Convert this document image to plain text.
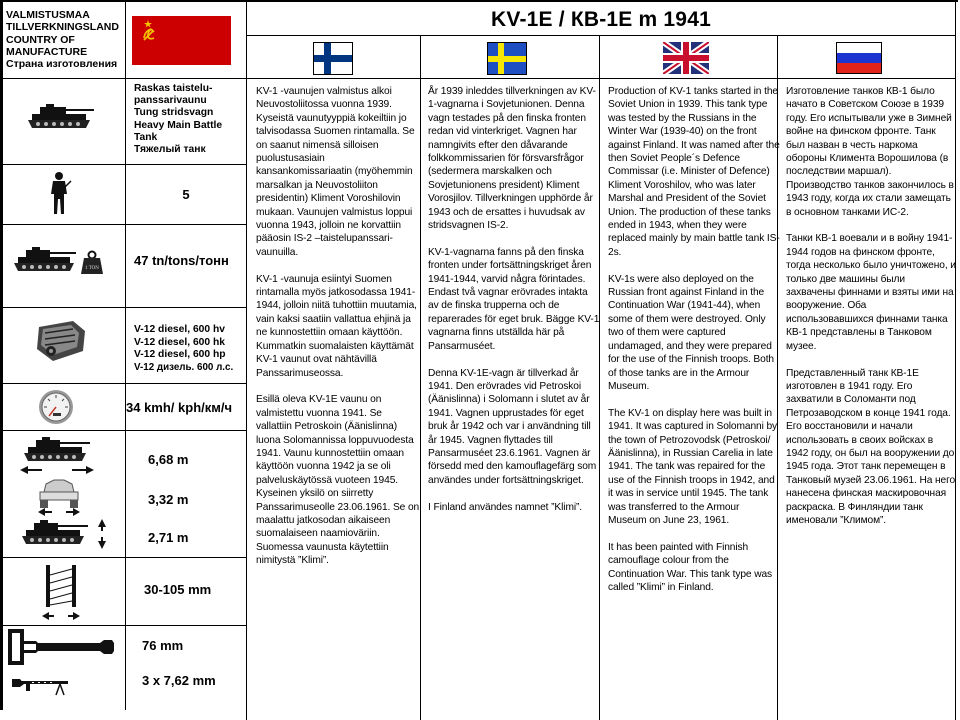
VALMISTUSMAA
TILLVERKNINGSLAND
COUNTRY OF
MANUFACTURE
Страна изготовления
KV-1E / КВ-1E m 1941
Raskas taistelu-
panssarivaunu
Tung stridsvagn
Heavy Main Battle
Tank
Тяжелый танк
5
1 TON
47 tn/tons/тонн
V-12 diesel, 600 hv
V-12 diesel, 600 hk
V-12 diesel, 600 hp
V-12 дизель. 600 л.с.
34 kmh/ kph/км/ч
6,68 m
3,32 m
2,71 m
30-105 mm
76 mm
3 x 7,62 mm

KV-1 -vaunujen valmistus alkoi Neuvostoliitossa vuonna 1939. Kyseistä vaunutyyppiä kokeiltiin jo talvisodassa Suomen rintamalla. Se on saanut nimensä silloisen puolustusasiain kansankomissariaatin (myöhemmin marsalkan ja Neuvostoliiton presidentin) Kliment Voroshilovin mukaan. Vaunujen valmistus loppui vuonna 1943, jolloin ne korvattiin pääosin IS-2 –taistelupanssari-vaunuilla.

KV-1 -vaunuja esiintyi Suomen rintamalla myös jatkosodassa 1941-1944, jolloin niitä tuhottiin muutamia, vain kaksi saatiin vallattua ehjinä ja ne kunnostettiin omaan käyttöön. Kummatkin suomalaisten käyttämät KV-1 vaunut ovat nähtävillä Panssarimuseossa.

Esillä oleva KV-1E vaunu on valmistettu vuonna 1941. Se vallattiin Petroskoin (Äänislinna) luona Solomannissa loppuvuodesta 1941. Vaunu kunnostettiin omaan käyttöön vuonna 1942 ja se oli palveluskäytössä vuoteen 1945. Kyseinen yksilö on siirretty Panssarimuseolle 23.06.1961. Se on maalattu jatkosodan aikaiseen suomalaiseen naamioväriin. Suomessa vaunusta käytettiin nimitystä ”Klimi”.

År 1939 inleddes tillverkningen av KV-1-vagnarna i Sovjetunionen. Denna vagn testades på den finska fronten redan vid vinterkriget. Vagnen har namngivits efter den dåvarande folkkommissarien för försvarsfrågor (sedermera marskalken och Sovjetunionens president) Kliment Vorosjilov. Tillverkningen upphörde år 1943 och de ersattes i huvudsak av stridsvagnen IS-2.

KV-1-vagnarna fanns på den finska fronten under fortsättningskriget åren 1941-1944, varvid några förintades. Endast två vagnar erövrades intakta av de finska trupperna och de reparerades för eget bruk. Bägge KV-1 vagnarna finns utställda här på Pansarmuséet.

Denna KV-1E-vagn är tillverkad år 1941. Den erövrades vid Petroskoi (Äänislinna) i Solomann i slutet av år 1941. Vagnen upprustades för eget bruk år 1942 och var i användning till år 1945. Vagnen flyttades till Pansarmuséet 23.6.1961. Vagnen är försedd med den kamouflagefärg som användes under fortsättningskriget.

I Finland användes namnet ”Klimi”.

Production of KV-1 tanks started in the Soviet Union in 1939. This tank type was tested by the Russians in the Winter War (1939-40) on the front against Finland. It was named after the then Soviet People´s Defence Commissar (i.e. Minister of Defence) Kliment Voroshilov, who was later Marshal and President of the Soviet Union. The production of these tanks ended in 1943, when they were replaced mainly by main battle tank IS-2s.

KV-1s were also deployed on the Russian front against Finland in the Continuation War (1941-44), when some of them were destroyed. Only two of them were captured undamaged, and they were prepared for the use of the Finnish troops. Both of those tanks are in the Armour Museum.

The KV-1 on display here was built in 1941. It was captured in Solomanni by the town of Petrozovodsk (Petroskoi/Äänislinna), in Russian Carelia in late 1941. The tank was repaired for the use of the Finnish troops in 1942, and it was in service until 1945. The tank was transferred to the Armour Museum on June 23, 1961.

It has been painted with Finnish camouflage colour from the Continuation War. This tank type was called ”Klimi” in Finland.

Изготовление танков КВ-1 было начато в Советском Союзе в 1939 году. Его испытывали уже в Зимней войне на финском фронте. Танк был назван в честь наркома обороны Климента Ворошилова (в последствии маршал). Производство танков закончилось в 1943 году, когда их стали замещать в основном танками ИС-2.

Танки КВ-1 воевали и в войну 1941-1944 годов на финском фронте, тогда несколько было уничтожено, и только две машины были захвачены финнами и взяты ими на вооружение. Оба использовавшихся финнами танка КВ-1 представлены в Танковом музее.

Представленный танк КВ-1Е изготовлен в 1941 году. Его захватили в Соломанти под Петрозаводском в конце 1941 года. Его восстановили и начали использовать в своих войсках в 1942 году, он был на вооружении до 1945 года. Этот танк перемещен в Танковый музей 23.06.1961. На него нанесена финская маскировочная раскраска. В Финляндии танк именовали ”Климом”.
